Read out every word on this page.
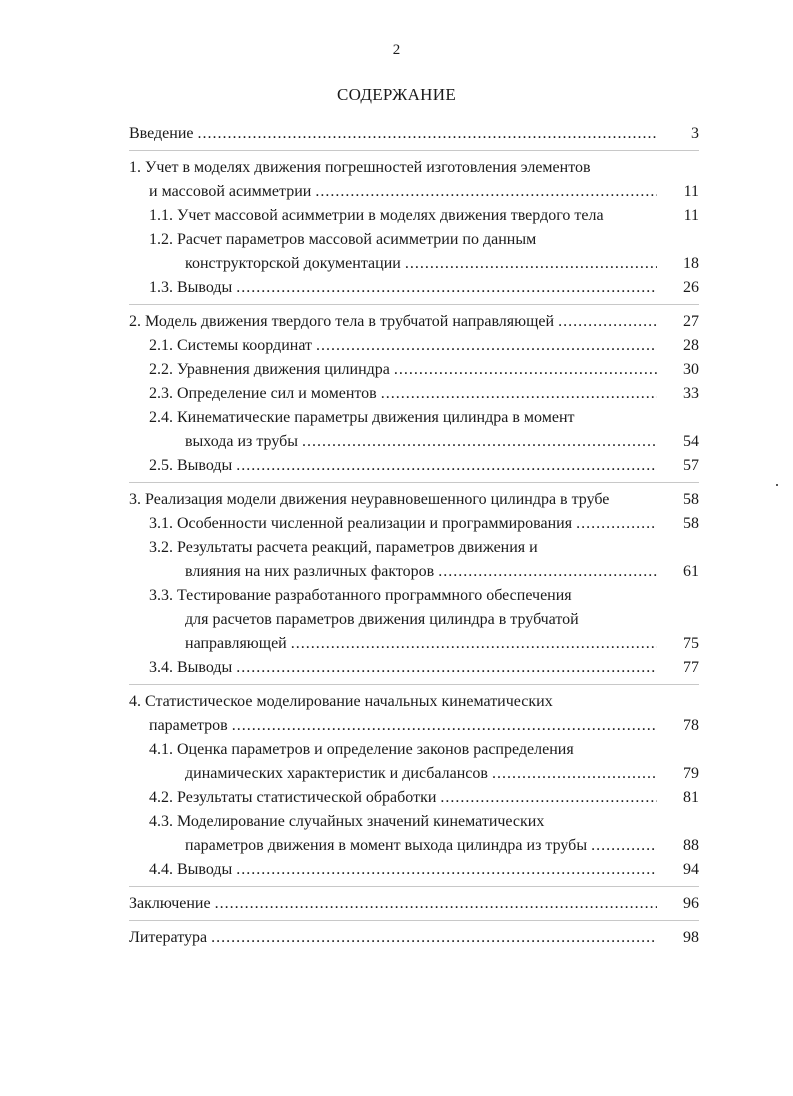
2
СОДЕРЖАНИЕ
Введение .....	3
1. Учет в моделях движения погрешностей изготовления элементов
и массовой асимметрии .....	11
1.1. Учет массовой асимметрии в моделях движения твердого тела	11
1.2. Расчет параметров массовой асимметрии по данным
конструкторской документации .....	18
1.3. Выводы .....	26
2. Модель движения твердого тела в трубчатой направляющей .....	27
2.1. Системы координат .....	28
2.2. Уравнения движения цилиндра .....	30
2.3. Определение сил и моментов .....	33
2.4. Кинематические параметры движения цилиндра в момент
выхода из трубы .....	54
2.5. Выводы .....	57
3. Реализация модели движения неуравновешенного цилиндра в трубе	58
3.1. Особенности численной реализации и программирования .....	58
3.2. Результаты расчета реакций, параметров движения и
влияния на них различных факторов .....	61
3.3. Тестирование разработанного программного обеспечения
для расчетов параметров движения цилиндра в трубчатой
направляющей .....	75
3.4. Выводы .....	77
4. Статистическое моделирование начальных кинематических
параметров .....	78
4.1. Оценка параметров и определение законов распределения
динамических характеристик и дисбалансов .....	79
4.2. Результаты статистической обработки .....	81
4.3. Моделирование случайных значений кинематических
параметров движения в момент выхода цилиндра из трубы .....	88
4.4. Выводы .....	94
Заключение .....	96
Литература .....	98
